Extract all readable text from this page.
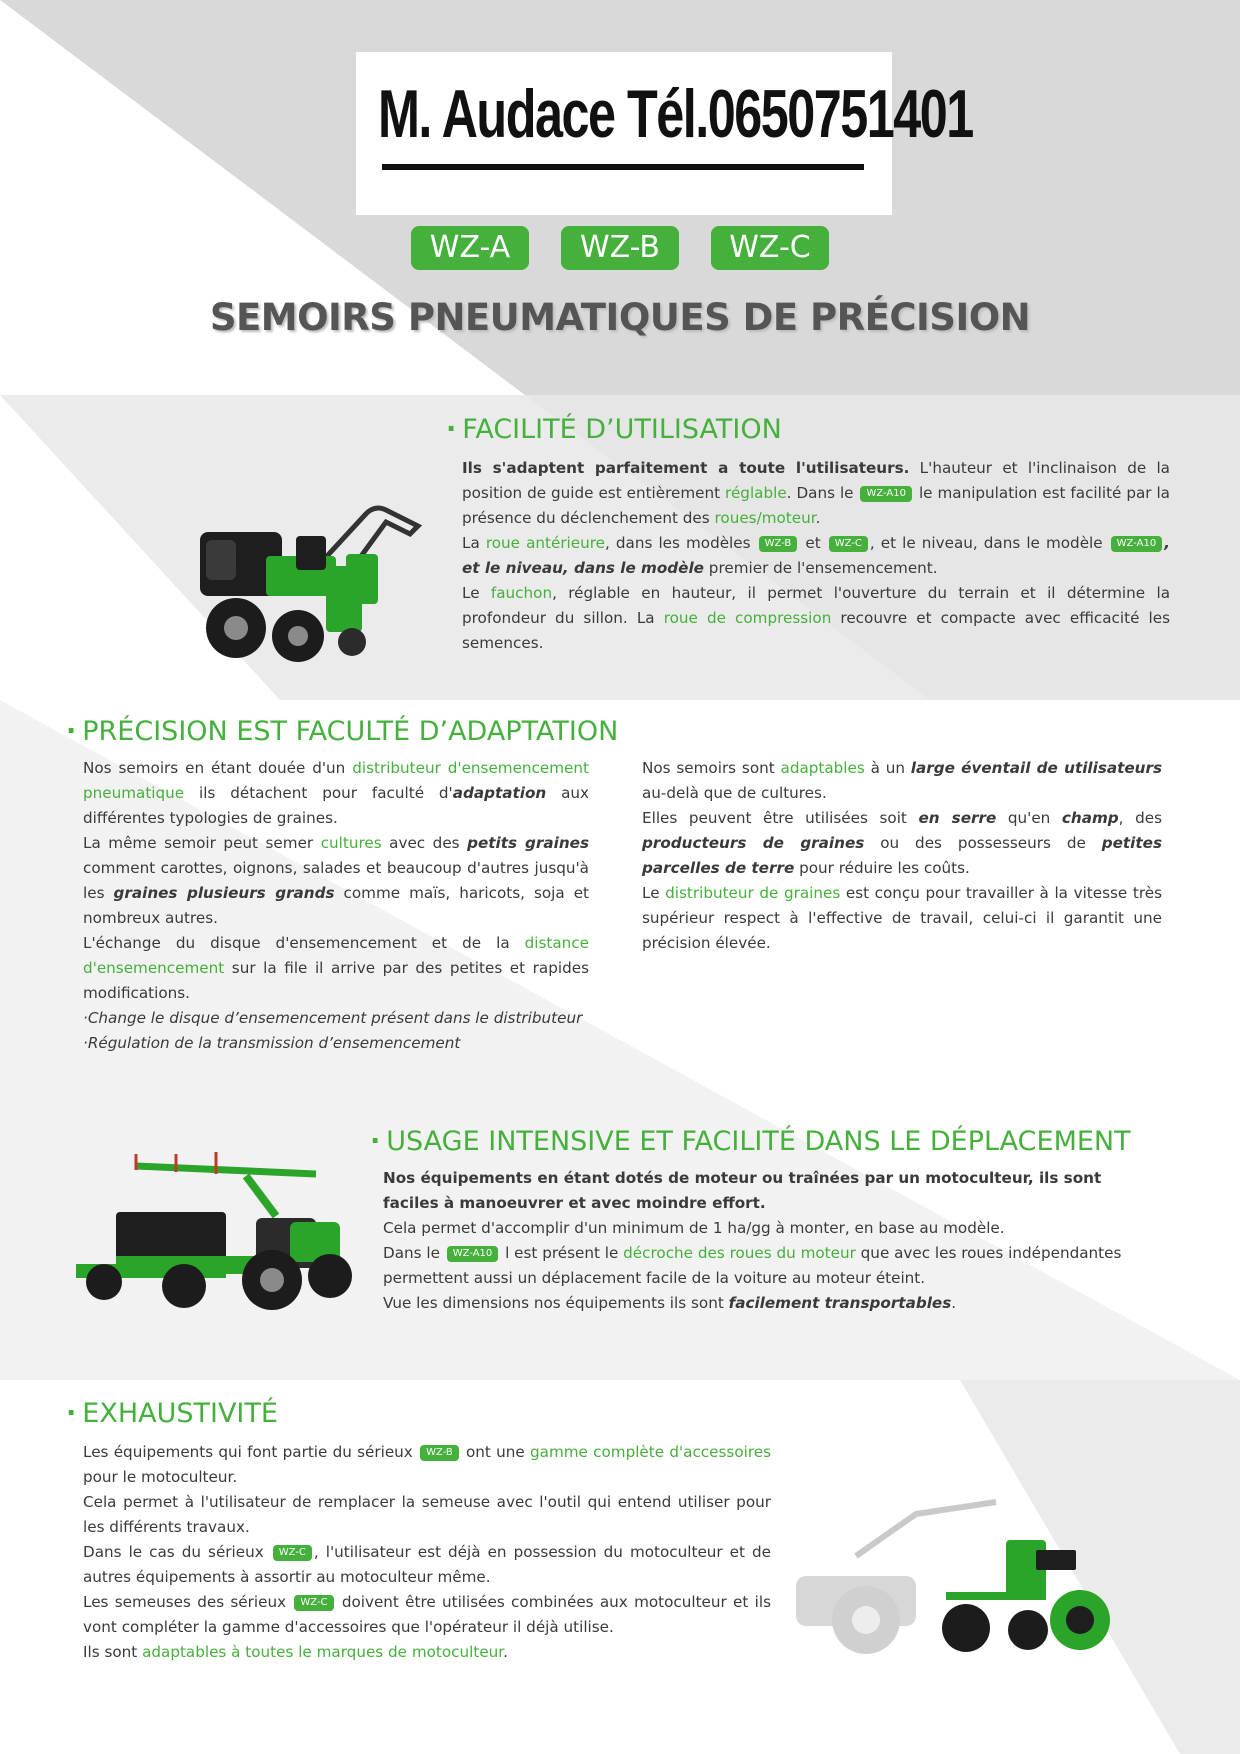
M. Audace Tél.0650751401
WZ-A	WZ-B	WZ-C
SEMOIRS PNEUMATIQUES DE PRÉCISION
· FACILITÉ D’UTILISATION

Ils s'adaptent parfaitement a toute l'utilisateurs. L'hauteur et l'inclinaison de la position de guide est entièrement réglable. Dans le WZ-A10 le manipulation est facilité par la présence du déclenchement des roues/moteur.

La roue antérieure, dans les modèles WZ-B et WZ-C , et le niveau, dans le modèle WZ-A10 , et le niveau, dans le modèle premier de l'ensemencement.

Le fauchon, réglable en hauteur, il permet l'ouverture du terrain et il détermine la profondeur du sillon. La roue de compression recouvre et compacte avec efficacité les semences.

· PRÉCISION EST FACULTÉ D’ADAPTATION

Nos semoirs en étant douée d'un distributeur d'ensemencement pneumatique ils détachent pour faculté d'adaptation aux différentes typologies de graines.

La même semoir peut semer cultures avec des petits graines comment carottes, oignons, salades et beaucoup d'autres jusqu'à les graines plusieurs grands comme maïs, haricots, soja et nombreux autres.

L'échange du disque d'ensemencement et de la distance d'ensemencement sur la file il arrive par des petites et rapides modifications.

·Change le disque d’ensemencement présent dans le distributeur

·Régulation de la transmission d’ensemencement

Nos semoirs sont adaptables à un large éventail de utilisateurs au-delà que de cultures.

Elles peuvent être utilisées soit en serre qu'en champ, des producteurs de graines ou des possesseurs de petites parcelles de terre pour réduire les coûts.

Le distributeur de graines est conçu pour travailler à la vitesse très supérieur respect à l'effective de travail, celui-ci il garantit une précision élevée.

· USAGE INTENSIVE ET FACILITÉ DANS LE DÉPLACEMENT

Nos équipements en étant dotés de moteur ou traînées par un motoculteur, ils sont faciles à manoeuvrer et avec moindre effort.

Cela permet d'accomplir d'un minimum de 1 ha/gg à monter, en base au modèle.

Dans le WZ-A10 l est présent le décroche des roues du moteur que avec les roues indépendantes permettent aussi un déplacement facile de la voiture au moteur éteint.

Vue les dimensions nos équipements ils sont facilement transportables.

· EXHAUSTIVITÉ

Les équipements qui font partie du sérieux WZ-B ont une gamme complète d'accessoires pour le motoculteur.

Cela permet à l'utilisateur de remplacer la semeuse avec l'outil qui entend utiliser pour les différents travaux.

Dans le cas du sérieux WZ-C , l'utilisateur est déjà en possession du motoculteur et de autres équipements à assortir au motoculteur même.

Les semeuses des sérieux WZ-C doivent être utilisées combinées aux motoculteur et ils vont compléter la gamme d'accessoires que l'opérateur il déjà utilise.

Ils sont adaptables à toutes le marques de motoculteur.
